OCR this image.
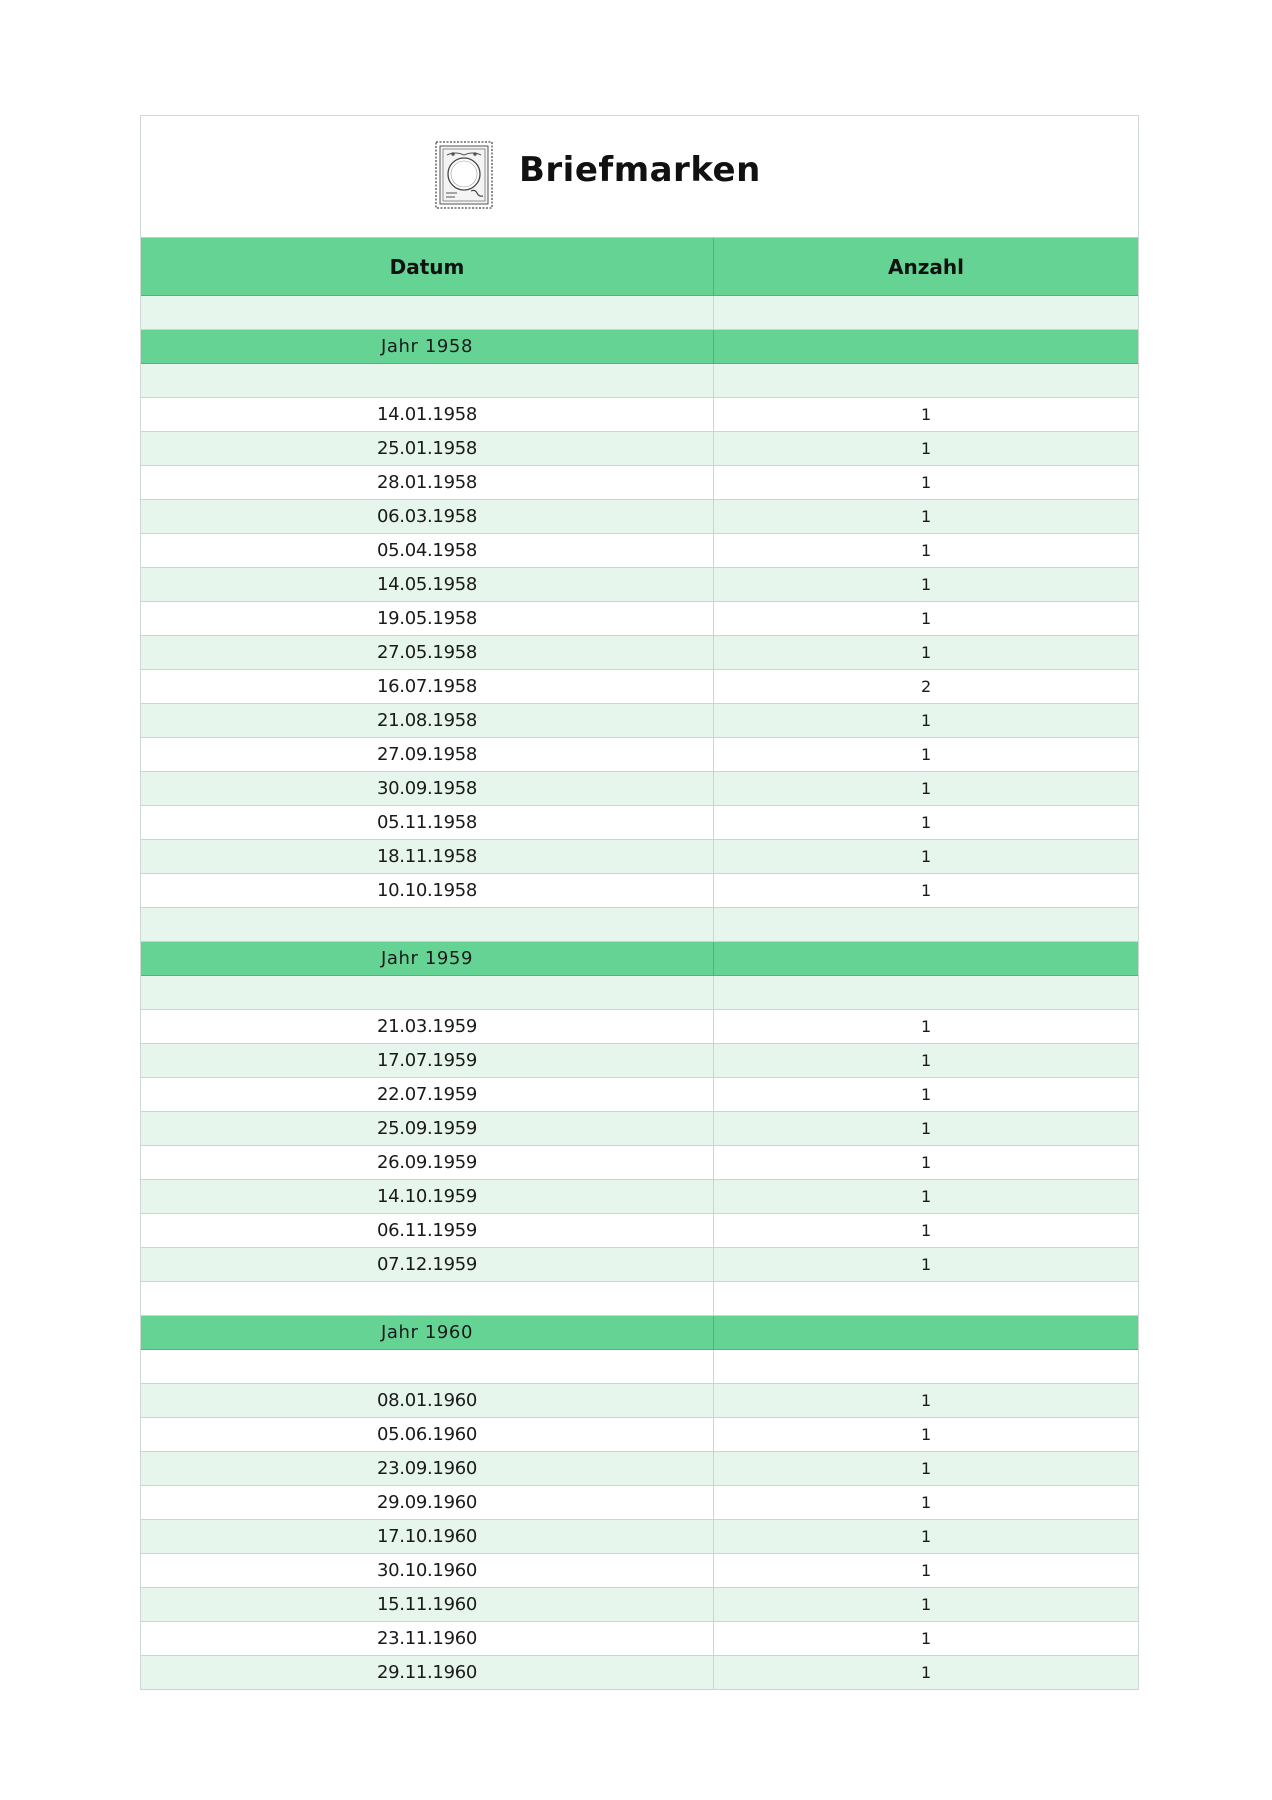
Briefmarken
Datum	Anzahl
Jahr 1958
14.01.1958	1
25.01.1958	1
28.01.1958	1
06.03.1958	1
05.04.1958	1
14.05.1958	1
19.05.1958	1
27.05.1958	1
16.07.1958	2
21.08.1958	1
27.09.1958	1
30.09.1958	1
05.11.1958	1
18.11.1958	1
10.10.1958	1
Jahr 1959
21.03.1959	1
17.07.1959	1
22.07.1959	1
25.09.1959	1
26.09.1959	1
14.10.1959	1
06.11.1959	1
07.12.1959	1
Jahr 1960
08.01.1960	1
05.06.1960	1
23.09.1960	1
29.09.1960	1
17.10.1960	1
30.10.1960	1
15.11.1960	1
23.11.1960	1
29.11.1960	1
